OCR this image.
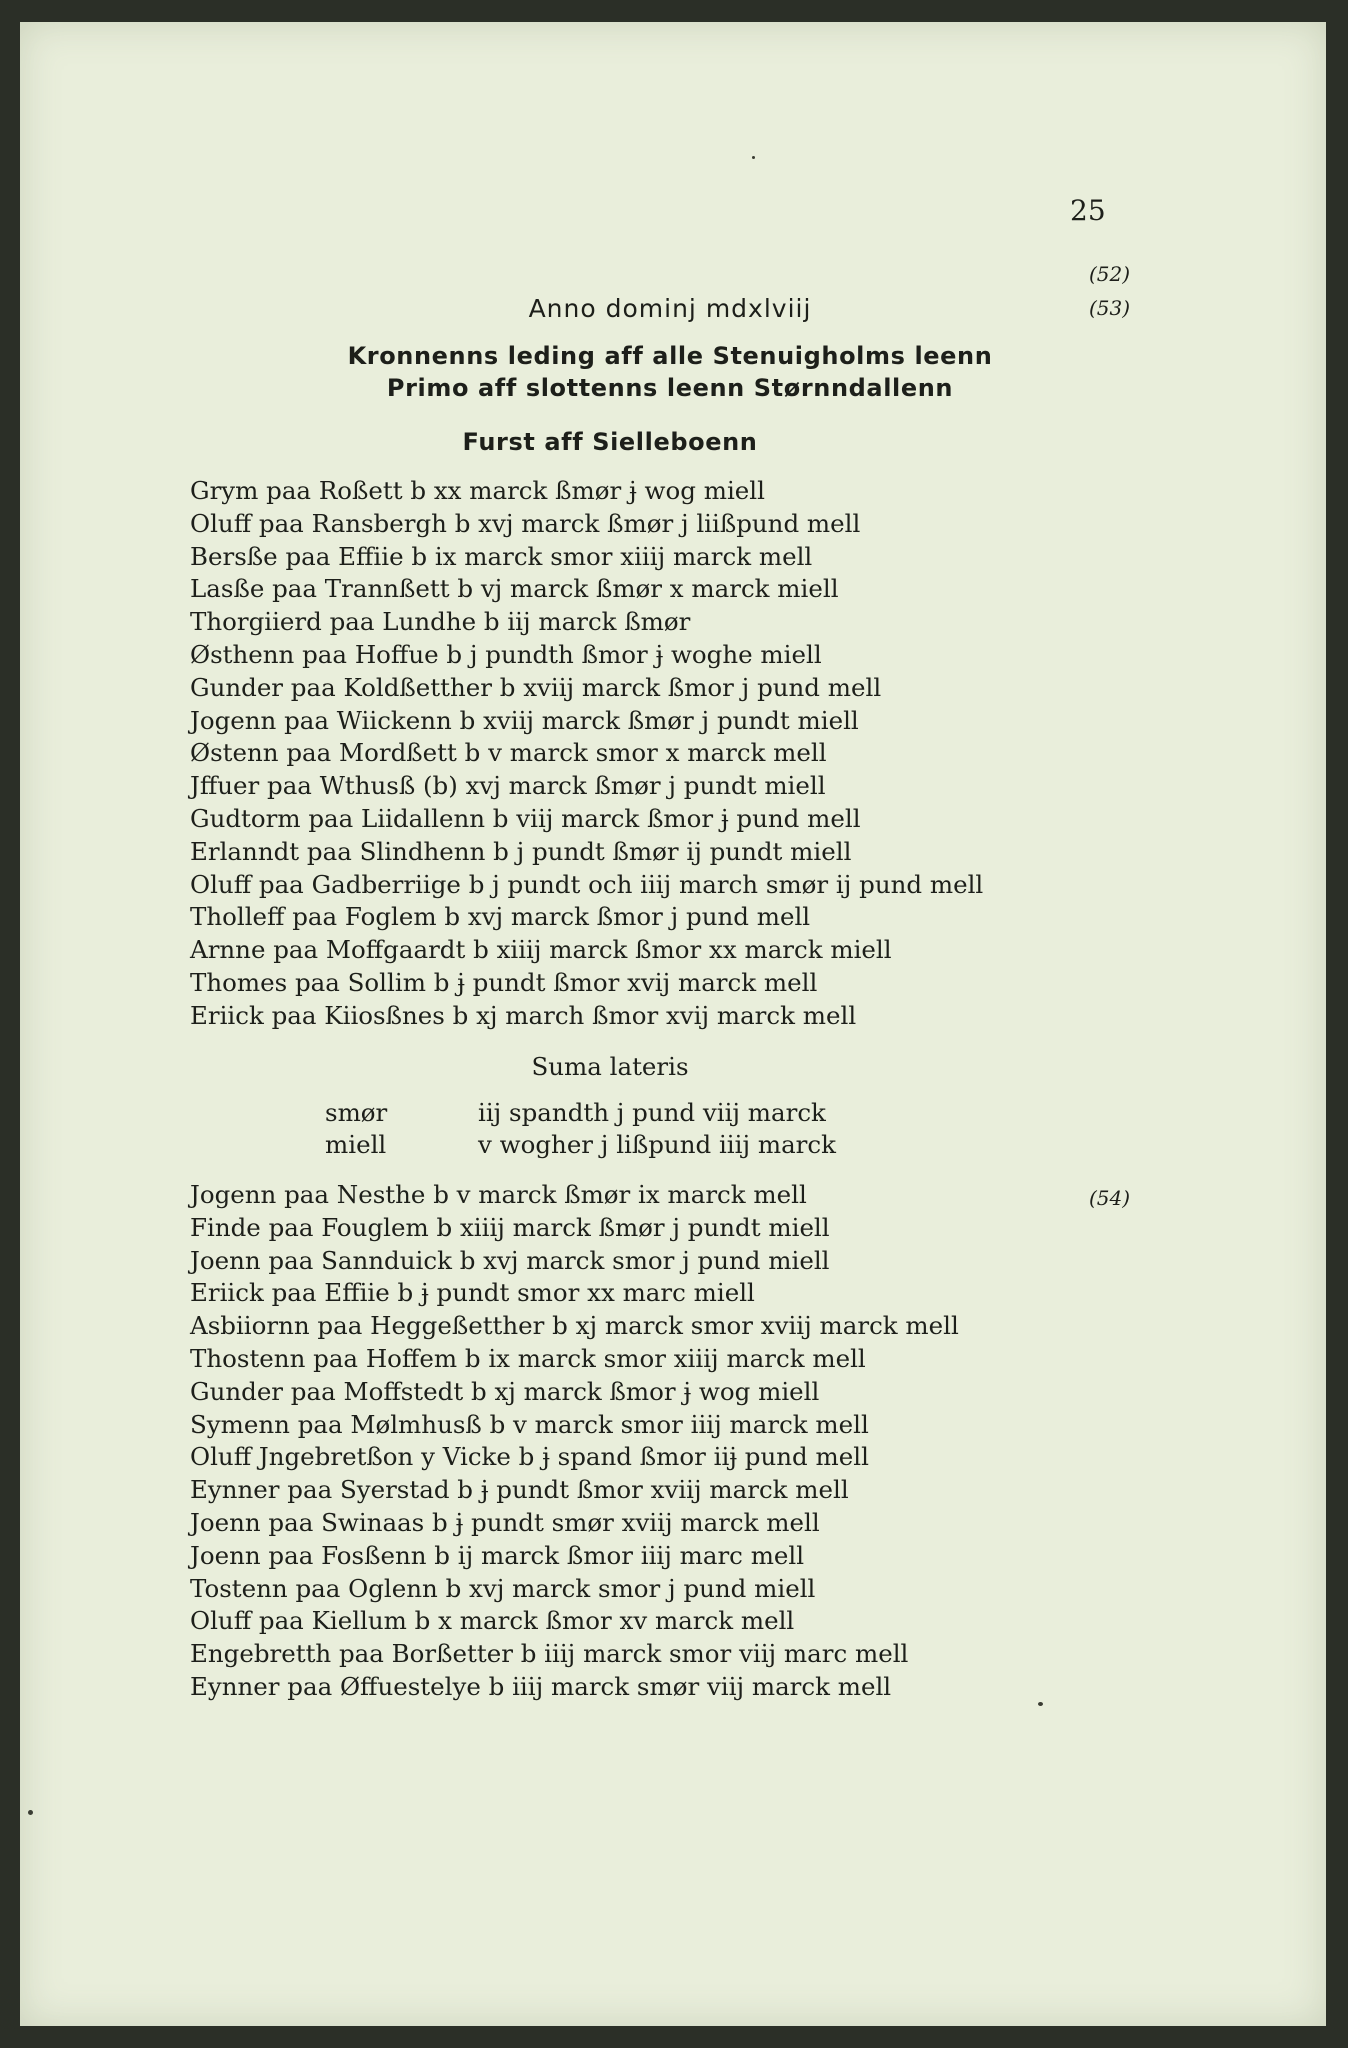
25
(52)
(53)
Anno dominj mdxlviij
Kronnenns leding aff alle Stenuigholms leenn
Primo aff slottenns leenn Størnndallenn
Furst aff Sielleboenn
Grym paa Roßett b xx marck ßmør ɉ wog miell
Oluff paa Ransbergh b xvj marck ßmør j liißpund mell
Bersße paa Effiie b ix marck smor xiiij marck mell
Lasße paa Trannßett b vj marck ßmør x marck miell
Thorgiierd paa Lundhe b iij marck ßmør
Østhenn paa Hoffue b j pundth ßmor ɉ woghe miell
Gunder paa Koldßetther b xviij marck ßmor j pund mell
Jogenn paa Wiickenn b xviij marck ßmør j pundt miell
Østenn paa Mordßett b v marck smor x marck mell
Jffuer paa Wthusß (b) xvj marck ßmør j pundt miell
Gudtorm paa Liidallenn b viij marck ßmor ɉ pund mell
Erlanndt paa Slindhenn b j pundt ßmør ij pundt miell
Oluff paa Gadberriige b j pundt och iiij march smør ij pund mell
Tholleff paa Foglem b xvj marck ßmor j pund mell
Arnne paa Moffgaardt b xiiij marck ßmor xx marck miell
Thomes paa Sollim b ɉ pundt ßmor xvij marck mell
Eriick paa Kiiosßnes b xj march ßmor xvij marck mell
Suma lateris
smør	iij spandth j pund viij marck
miell	v wogher j lißpund iiij marck
(54)
Jogenn paa Nesthe b v marck ßmør ix marck mell
Finde paa Fouglem b xiiij marck ßmør j pundt miell
Joenn paa Sannduick b xvj marck smor j pund miell
Eriick paa Effiie b ɉ pundt smor xx marc miell
Asbiiornn paa Heggeßetther b xj marck smor xviij marck mell
Thostenn paa Hoffem b ix marck smor xiiij marck mell
Gunder paa Moffstedt b xj marck ßmor ɉ wog miell
Symenn paa Mølmhusß b v marck smor iiij marck mell
Oluff Jngebretßon y Vicke b ɉ spand ßmor iiɉ pund mell
Eynner paa Syerstad b ɉ pundt ßmor xviij marck mell
Joenn paa Swinaas b ɉ pundt smør xviij marck mell
Joenn paa Fosßenn b ij marck ßmor iiij marc mell
Tostenn paa Oglenn b xvj marck smor j pund miell
Oluff paa Kiellum b x marck ßmor xv marck mell
Engebretth paa Borßetter b iiij marck smor viij marc mell
Eynner paa Øffuestelye b iiij marck smør viij marck mell
